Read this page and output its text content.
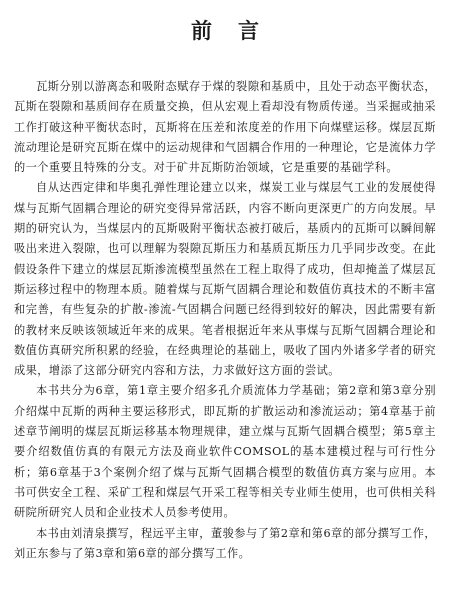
前言

瓦斯分别以游离态和吸附态赋存于煤的裂隙和基质中，且处于动态平衡状态，瓦斯在裂隙和基质间存在质量交换，但从宏观上看却没有物质传递。当采掘或抽采工作打破这种平衡状态时，瓦斯将在压差和浓度差的作用下向煤壁运移。煤层瓦斯流动理论是研究瓦斯在煤中的运动规律和气固耦合作用的一种理论，它是流体力学的一个重要且特殊的分支。对于矿井瓦斯防治领域，它是重要的基础学科。

自从达西定律和毕奥孔弹性理论建立以来，煤炭工业与煤层气工业的发展使得煤与瓦斯气固耦合理论的研究变得异常活跃，内容不断向更深更广的方向发展。早期的研究认为，当煤层内的瓦斯吸附平衡状态被打破后，基质内的瓦斯可以瞬间解吸出来进入裂隙，也可以理解为裂隙瓦斯压力和基质瓦斯压力几乎同步改变。在此假设条件下建立的煤层瓦斯渗流模型虽然在工程上取得了成功，但却掩盖了煤层瓦斯运移过程中的物理本质。随着煤与瓦斯气固耦合理论和数值仿真技术的不断丰富和完善，有些复杂的扩散-渗流-气固耦合问题已经得到较好的解决，因此需要有新的教材来反映该领域近年来的成果。笔者根据近年来从事煤与瓦斯气固耦合理论和数值仿真研究所积累的经验，在经典理论的基础上，吸收了国内外诸多学者的研究成果，增添了这部分研究内容和方法，力求做好这方面的尝试。

本书共分为6章，第1章主要介绍多孔介质流体力学基础；第2章和第3章分别介绍煤中瓦斯的两种主要运移形式，即瓦斯的扩散运动和渗流运动；第4章基于前述章节阐明的煤层瓦斯运移基本物理规律，建立煤与瓦斯气固耦合模型；第5章主要介绍数值仿真的有限元方法及商业软件COMSOL的基本建模过程与可行性分析；第6章基于3个案例介绍了煤与瓦斯气固耦合模型的数值仿真方案与应用。本书可供安全工程、采矿工程和煤层气开采工程等相关专业师生使用，也可供相关科研院所研究人员和企业技术人员参考使用。

本书由刘清泉撰写，程远平主审，董骏参与了第2章和第6章的部分撰写工作，刘正东参与了第3章和第6章的部分撰写工作。
